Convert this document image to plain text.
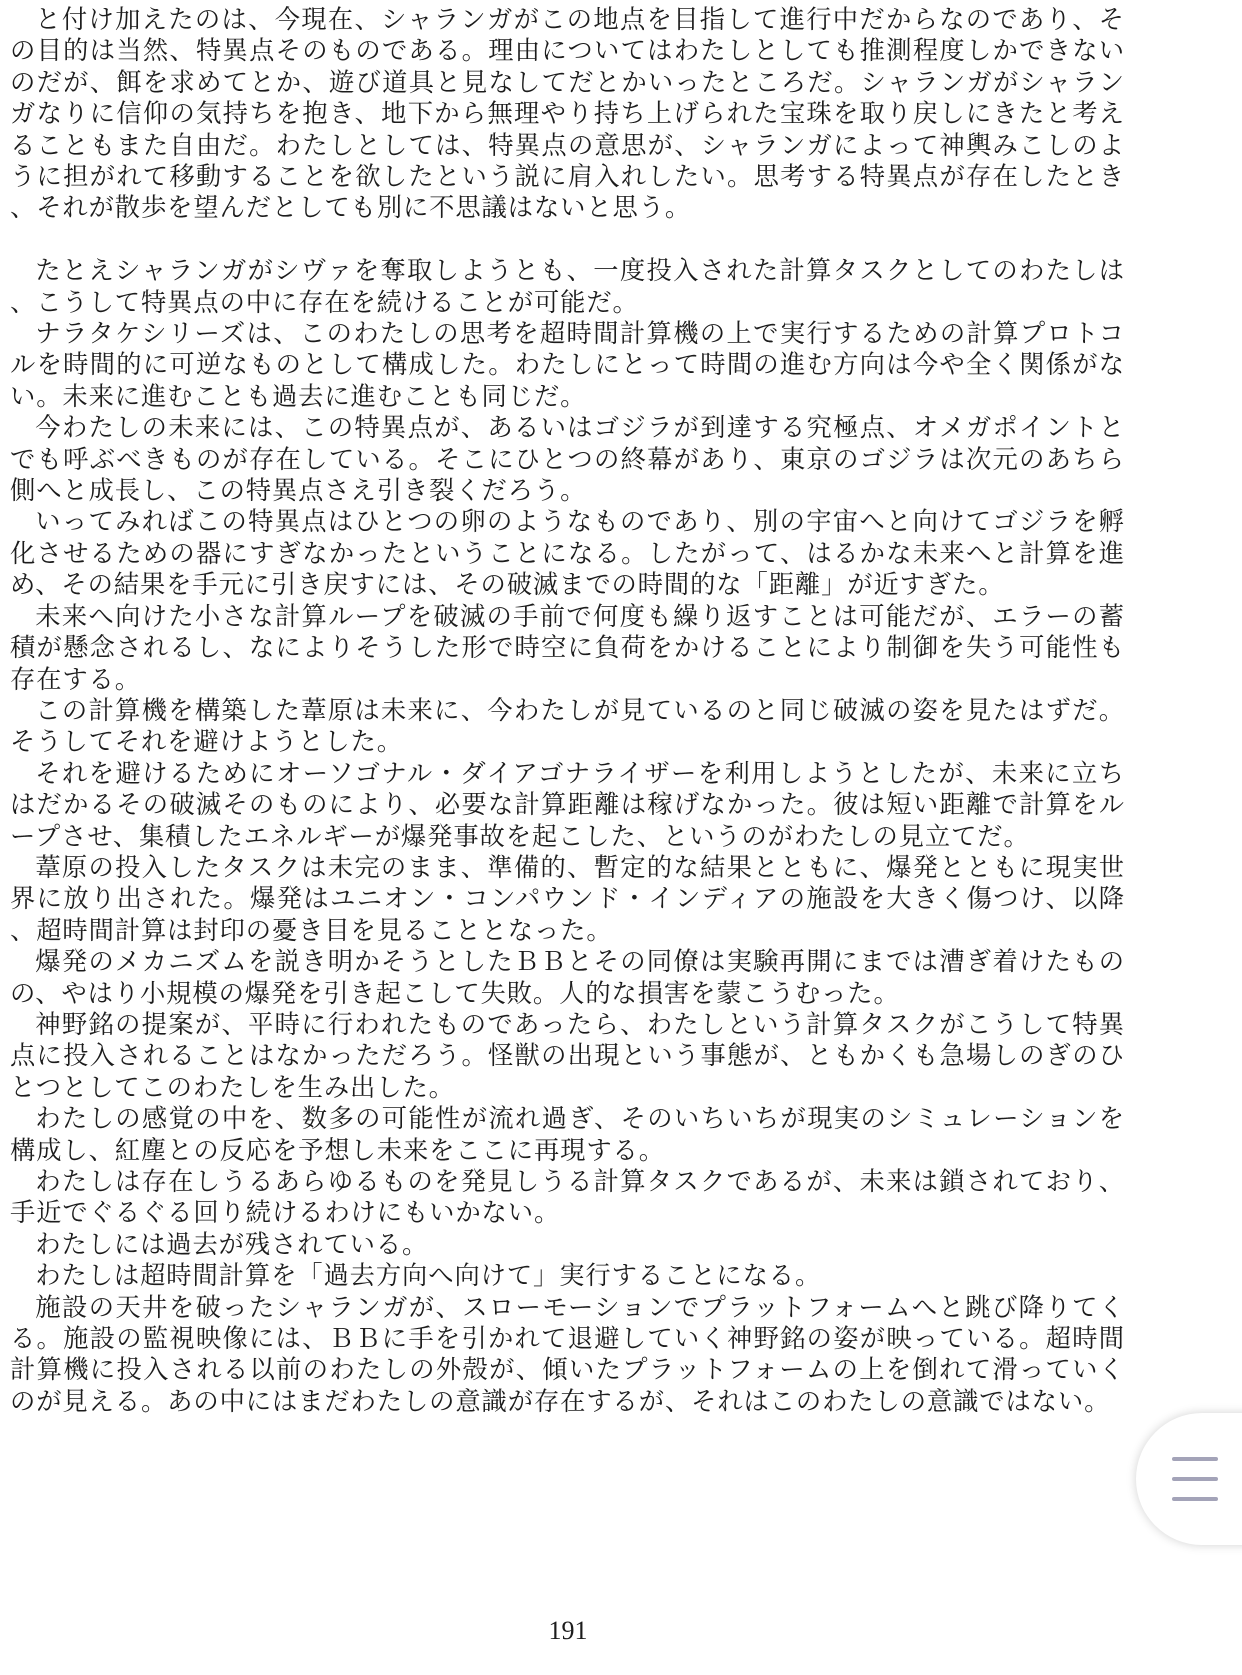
と付け加えたのは、今現在、シャランガがこの地点を目指して進行中だからなのであり、その目的は当然、特異点そのものである。理由についてはわたしとしても推測程度しかできないのだが、餌を求めてとか、遊び道具と見なしてだとかいったところだ。シャランガがシャランガなりに信仰の気持ちを抱き、地下から無理やり持ち上げられた宝珠を取り戻しにきたと考えることもまた自由だ。わたしとしては、特異点の意思が、シャランガによって神輿みこしのように担がれて移動することを欲したという説に肩入れしたい。思考する特異点が存在したとき、それが散歩を望んだとしても別に不思議はないと思う。

たとえシャランガがシヴァを奪取しようとも、一度投入された計算タスクとしてのわたしは、こうして特異点の中に存在を続けることが可能だ。

ナラタケシリーズは、このわたしの思考を超時間計算機の上で実行するための計算プロトコルを時間的に可逆なものとして構成した。わたしにとって時間の進む方向は今や全く関係がない。未来に進むことも過去に進むことも同じだ。

今わたしの未来には、この特異点が、あるいはゴジラが到達する究極点、オメガポイントとでも呼ぶべきものが存在している。そこにひとつの終幕があり、東京のゴジラは次元のあちら側へと成長し、この特異点さえ引き裂くだろう。

いってみればこの特異点はひとつの卵のようなものであり、別の宇宙へと向けてゴジラを孵化させるための器にすぎなかったということになる。したがって、はるかな未来へと計算を進め、その結果を手元に引き戻すには、その破滅までの時間的な「距離」が近すぎた。

未来へ向けた小さな計算ループを破滅の手前で何度も繰り返すことは可能だが、エラーの蓄積が懸念されるし、なによりそうした形で時空に負荷をかけることにより制御を失う可能性も存在する。

この計算機を構築した葦原は未来に、今わたしが見ているのと同じ破滅の姿を見たはずだ。そうしてそれを避けようとした。

それを避けるためにオーソゴナル・ダイアゴナライザーを利用しようとしたが、未来に立ちはだかるその破滅そのものにより、必要な計算距離は稼げなかった。彼は短い距離で計算をループさせ、集積したエネルギーが爆発事故を起こした、というのがわたしの見立てだ。

葦原の投入したタスクは未完のまま、準備的、暫定的な結果とともに、爆発とともに現実世界に放り出された。爆発はユニオン・コンパウンド・インディアの施設を大きく傷つけ、以降、超時間計算は封印の憂き目を見ることとなった。

爆発のメカニズムを説き明かそうとしたＢＢとその同僚は実験再開にまでは漕ぎ着けたものの、やはり小規模の爆発を引き起こして失敗。人的な損害を蒙こうむった。

神野銘の提案が、平時に行われたものであったら、わたしという計算タスクがこうして特異点に投入されることはなかっただろう。怪獣の出現という事態が、ともかくも急場しのぎのひとつとしてこのわたしを生み出した。

わたしの感覚の中を、数多の可能性が流れ過ぎ、そのいちいちが現実のシミュレーションを構成し、紅塵との反応を予想し未来をここに再現する。

わたしは存在しうるあらゆるものを発見しうる計算タスクであるが、未来は鎖されており、手近でぐるぐる回り続けるわけにもいかない。

わたしには過去が残されている。

わたしは超時間計算を「過去方向へ向けて」実行することになる。

施設の天井を破ったシャランガが、スローモーションでプラットフォームへと跳び降りてくる。施設の監視映像には、ＢＢに手を引かれて退避していく神野銘の姿が映っている。超時間計算機に投入される以前のわたしの外殻が、傾いたプラットフォームの上を倒れて滑っていくのが見える。あの中にはまだわたしの意識が存在するが、それはこのわたしの意識ではない。

191
